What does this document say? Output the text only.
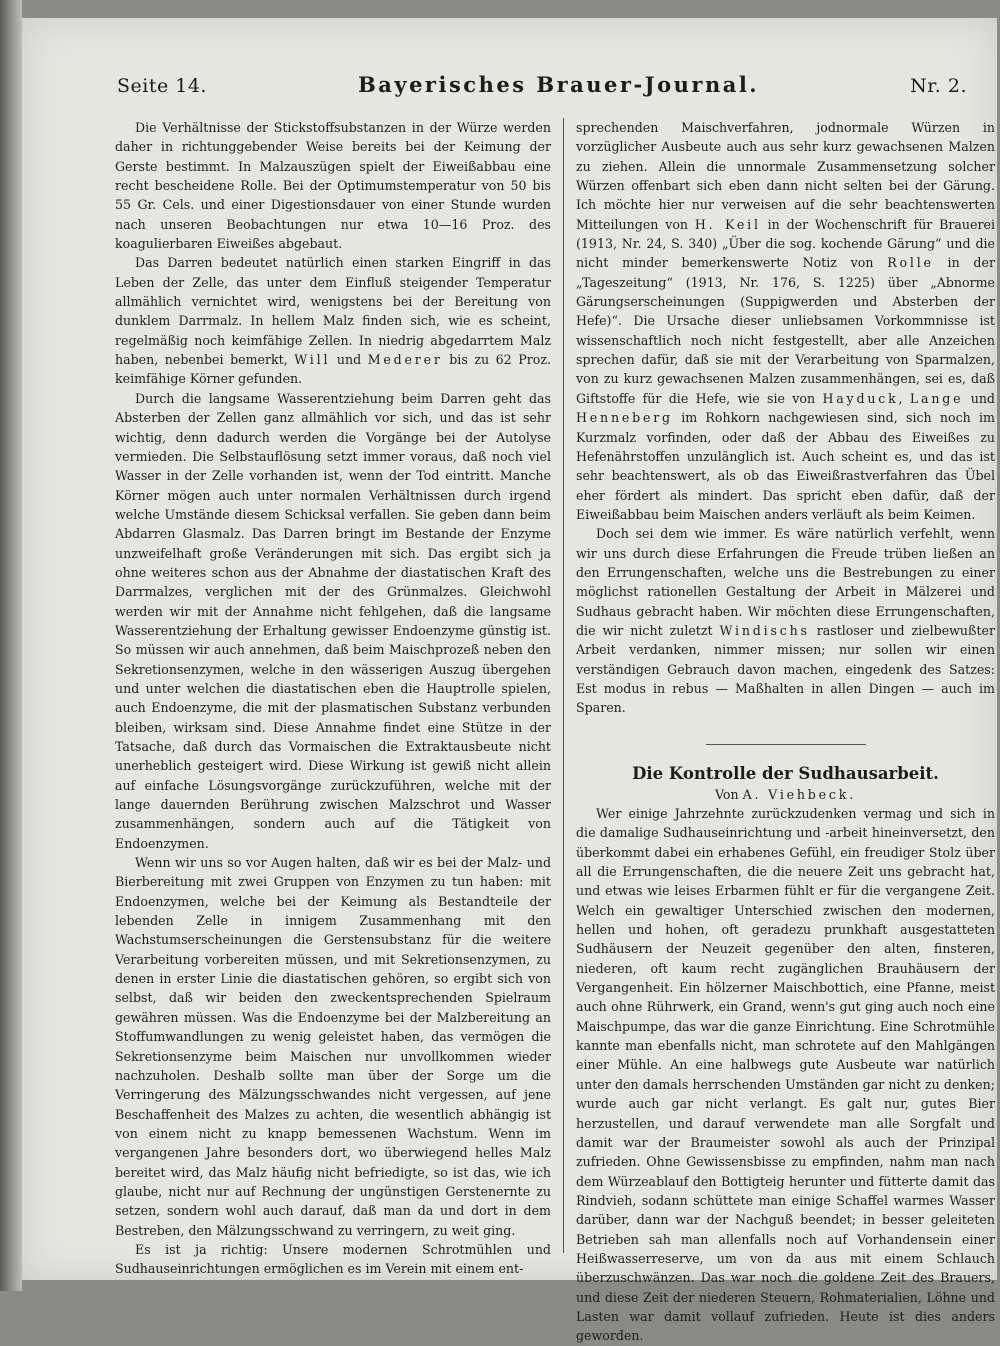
Seite 14.	Bayerisches Brauer-Journal.	Nr. 2.

Die Verhältnisse der Stickstoffsubstanzen in der Würze werden daher in richtunggebender Weise bereits bei der Keimung der Gerste bestimmt. In Malzauszügen spielt der Eiweißabbau eine recht bescheidene Rolle. Bei der Optimumstemperatur von 50 bis 55 Gr. Cels. und einer Digestionsdauer von einer Stunde wurden nach unseren Beobachtungen nur etwa 10—16 Proz. des koagulierbaren Eiweißes abgebaut.

Das Darren bedeutet natürlich einen starken Eingriff in das Leben der Zelle, das unter dem Einfluß steigender Temperatur allmählich vernichtet wird, wenigstens bei der Bereitung von dunklem Darrmalz. In hellem Malz finden sich, wie es scheint, regelmäßig noch keimfähige Zellen. In niedrig abgedarrtem Malz haben, nebenbei bemerkt, Will und Mederer bis zu 62 Proz. keimfähige Körner gefunden.

Durch die langsame Wasserentziehung beim Darren geht das Absterben der Zellen ganz allmählich vor sich, und das ist sehr wichtig, denn dadurch werden die Vorgänge bei der Autolyse vermieden. Die Selbstauflösung setzt immer voraus, daß noch viel Wasser in der Zelle vorhanden ist, wenn der Tod eintritt. Manche Körner mögen auch unter normalen Verhältnissen durch irgend welche Umstände diesem Schicksal verfallen. Sie geben dann beim Abdarren Glasmalz. Das Darren bringt im Bestande der Enzyme unzweifelhaft große Veränderungen mit sich. Das ergibt sich ja ohne weiteres schon aus der Abnahme der diastatischen Kraft des Darrmalzes, verglichen mit der des Grünmalzes. Gleichwohl werden wir mit der Annahme nicht fehlgehen, daß die langsame Wasserentziehung der Erhaltung gewisser Endoenzyme günstig ist. So müssen wir auch annehmen, daß beim Maischprozeß neben den Sekretionsenzymen, welche in den wässerigen Auszug übergehen und unter welchen die diastatischen eben die Hauptrolle spielen, auch Endoenzyme, die mit der plasmatischen Substanz verbunden bleiben, wirksam sind. Diese Annahme findet eine Stütze in der Tatsache, daß durch das Vormaischen die Extraktausbeute nicht unerheblich gesteigert wird. Diese Wirkung ist gewiß nicht allein auf einfache Lösungsvorgänge zurückzuführen, welche mit der lange dauernden Berührung zwischen Malzschrot und Wasser zusammenhängen, sondern auch auf die Tätigkeit von Endoenzymen.

Wenn wir uns so vor Augen halten, daß wir es bei der Malz- und Bierbereitung mit zwei Gruppen von Enzymen zu tun haben: mit Endoenzymen, welche bei der Keimung als Bestandteile der lebenden Zelle in innigem Zusammenhang mit den Wachstumserscheinungen die Gerstensubstanz für die weitere Verarbeitung vorbereiten müssen, und mit Sekretionsenzymen, zu denen in erster Linie die diastatischen gehören, so ergibt sich von selbst, daß wir beiden den zweckentsprechenden Spielraum gewähren müssen. Was die Endoenzyme bei der Malzbereitung an Stoffumwandlungen zu wenig geleistet haben, das vermögen die Sekretionsenzyme beim Maischen nur unvollkommen wieder nachzuholen. Deshalb sollte man über der Sorge um die Verringerung des Mälzungsschwandes nicht vergessen, auf jene Beschaffenheit des Malzes zu achten, die wesentlich abhängig ist von einem nicht zu knapp bemessenen Wachstum. Wenn im vergangenen Jahre besonders dort, wo überwiegend helles Malz bereitet wird, das Malz häufig nicht befriedigte, so ist das, wie ich glaube, nicht nur auf Rechnung der ungünstigen Gerstenernte zu setzen, sondern wohl auch darauf, daß man da und dort in dem Bestreben, den Mälzungsschwand zu verringern, zu weit ging.

Es ist ja richtig: Unsere modernen Schrotmühlen und Sudhauseinrichtungen ermöglichen es im Verein mit einem ent-

sprechenden Maischverfahren, jodnormale Würzen in vorzüglicher Ausbeute auch aus sehr kurz gewachsenen Malzen zu ziehen. Allein die unnormale Zusammensetzung solcher Würzen offenbart sich eben dann nicht selten bei der Gärung. Ich möchte hier nur verweisen auf die sehr beachtenswerten Mitteilungen von H. Keil in der Wochenschrift für Brauerei (1913, Nr. 24, S. 340) „Über die sog. kochende Gärung“ und die nicht minder bemerkenswerte Notiz von Rolle in der „Tageszeitung“ (1913, Nr. 176, S. 1225) über „Abnorme Gärungserscheinungen (Suppigwerden und Absterben der Hefe)“. Die Ursache dieser unliebsamen Vorkommnisse ist wissenschaftlich noch nicht festgestellt, aber alle Anzeichen sprechen dafür, daß sie mit der Verarbeitung von Sparmalzen, von zu kurz gewachsenen Malzen zusammenhängen, sei es, daß Giftstoffe für die Hefe, wie sie von Hayduck, Lange und Henneberg im Rohkorn nachgewiesen sind, sich noch im Kurzmalz vorfinden, oder daß der Abbau des Eiweißes zu Hefenährstoffen unzulänglich ist. Auch scheint es, und das ist sehr beachtenswert, als ob das Eiweißrastverfahren das Übel eher fördert als mindert. Das spricht eben dafür, daß der Eiweißabbau beim Maischen anders verläuft als beim Keimen.

Doch sei dem wie immer. Es wäre natürlich verfehlt, wenn wir uns durch diese Erfahrungen die Freude trüben ließen an den Errungenschaften, welche uns die Bestrebungen zu einer möglichst rationellen Gestaltung der Arbeit in Mälzerei und Sudhaus gebracht haben. Wir möchten diese Errungenschaften, die wir nicht zuletzt Windischs rastloser und zielbewußter Arbeit verdanken, nimmer missen; nur sollen wir einen verständigen Gebrauch davon machen, eingedenk des Satzes: Est modus in rebus — Maßhalten in allen Dingen — auch im Sparen.

Die Kontrolle der Sudhausarbeit.

Von A. Viehbeck.

Wer einige Jahrzehnte zurückzudenken vermag und sich in die damalige Sudhauseinrichtung und -arbeit hineinversetzt, den überkommt dabei ein erhabenes Gefühl, ein freudiger Stolz über all die Errungenschaften, die die neuere Zeit uns gebracht hat, und etwas wie leises Erbarmen fühlt er für die vergangene Zeit. Welch ein gewaltiger Unterschied zwischen den modernen, hellen und hohen, oft geradezu prunkhaft ausgestatteten Sudhäusern der Neuzeit gegenüber den alten, finsteren, niederen, oft kaum recht zugänglichen Brauhäusern der Vergangenheit. Ein hölzerner Maischbottich, eine Pfanne, meist auch ohne Rührwerk, ein Grand, wenn's gut ging auch noch eine Maischpumpe, das war die ganze Einrichtung. Eine Schrotmühle kannte man ebenfalls nicht, man schrotete auf den Mahlgängen einer Mühle. An eine halbwegs gute Ausbeute war natürlich unter den damals herrschenden Umständen gar nicht zu denken; wurde auch gar nicht verlangt. Es galt nur, gutes Bier herzustellen, und darauf verwendete man alle Sorgfalt und damit war der Braumeister sowohl als auch der Prinzipal zufrieden. Ohne Gewissensbisse zu empfinden, nahm man nach dem Würzeablauf den Bottigteig herunter und fütterte damit das Rindvieh, sodann schüttete man einige Schaffel warmes Wasser darüber, dann war der Nachguß beendet; in besser geleiteten Betrieben sah man allenfalls noch auf Vorhandensein einer Heißwasserreserve, um von da aus mit einem Schlauch überzuschwänzen. Das war noch die goldene Zeit des Brauers, und diese Zeit der niederen Steuern, Rohmaterialien, Löhne und Lasten war damit vollauf zufrieden. Heute ist dies anders geworden.
